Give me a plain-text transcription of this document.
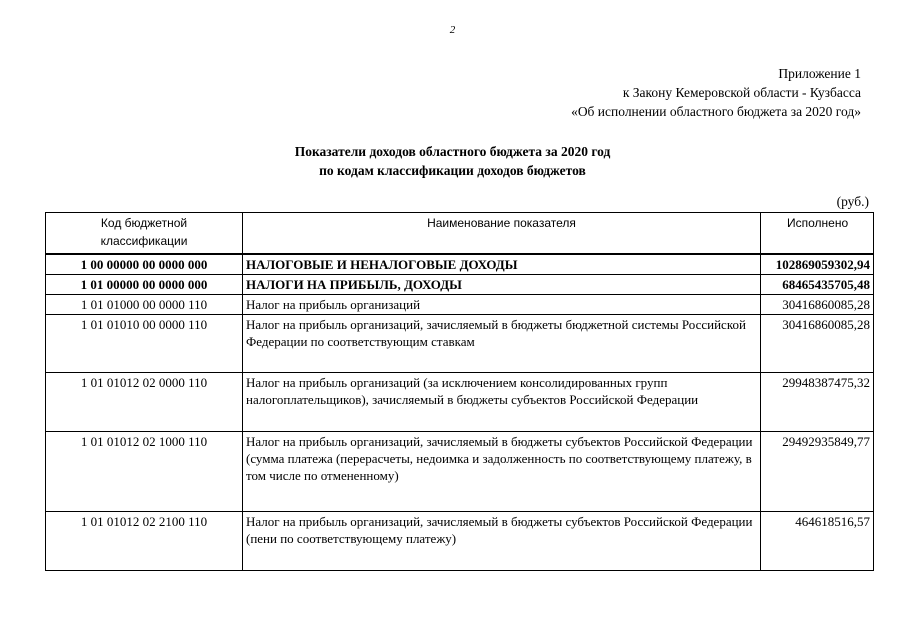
2
Приложение 1
к Закону Кемеровской области - Кузбасса
«Об исполнении областного бюджета за 2020 год»
Показатели доходов областного бюджета за 2020 год
по кодам классификации доходов бюджетов
(руб.)
Код бюджетной
классификации	Наименование показателя	Исполнено
1 00 00000 00 0000 000	НАЛОГОВЫЕ И НЕНАЛОГОВЫЕ ДОХОДЫ	102869059302,94
1 01 00000 00 0000 000	НАЛОГИ НА ПРИБЫЛЬ, ДОХОДЫ	68465435705,48
1 01 01000 00 0000 110	Налог на прибыль организаций	30416860085,28
1 01 01010 00 0000 110	Налог на прибыль организаций, зачисляемый в бюджеты бюджетной системы Российской Федерации по соответствующим ставкам	30416860085,28
1 01 01012 02 0000 110	Налог на прибыль организаций (за исключением консолидированных групп налогоплательщиков), зачисляемый в бюджеты субъектов Российской Федерации	29948387475,32
1 01 01012 02 1000 110	Налог на прибыль организаций, зачисляемый в бюджеты субъектов Российской Федерации (сумма платежа (перерасчеты, недоимка и задолженность по соответствующему платежу, в том числе по отмененному)	29492935849,77
1 01 01012 02 2100 110	Налог на прибыль организаций, зачисляемый в бюджеты субъектов Российской Федерации (пени по соответствующему платежу)	464618516,57
